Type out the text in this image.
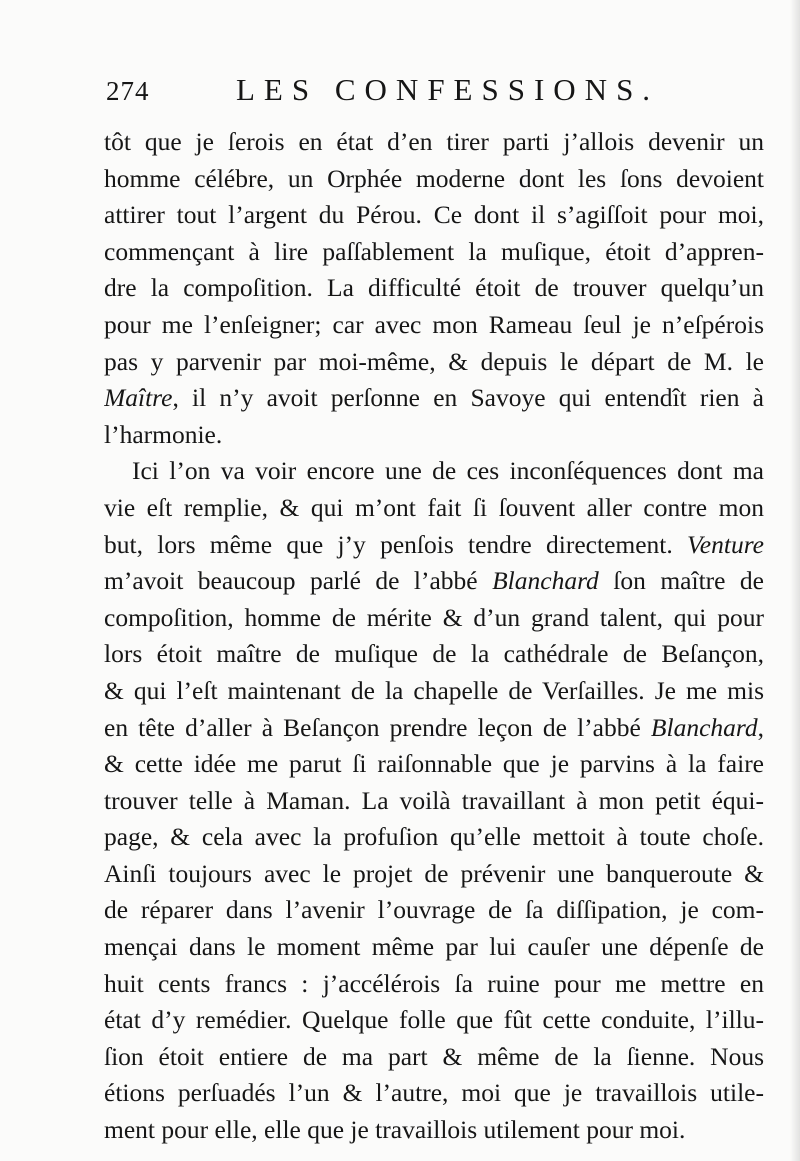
274	LES CONFESSIONS.
tôt que je ſerois en état d’en tirer parti j’allois devenir un
homme célébre, un Orphée moderne dont les ſons devoient
attirer tout l’argent du Pérou. Ce dont il s’agiſſoit pour moi,
commençant à lire paſſablement la muſique, étoit d’appren-
dre la compoſition. La difficulté étoit de trouver quelqu’un
pour me l’enſeigner; car avec mon Rameau ſeul je n’eſpérois
pas y parvenir par moi-même, & depuis le départ de M. le
Maître, il n’y avoit perſonne en Savoye qui entendît rien à
l’harmonie.
Ici l’on va voir encore une de ces inconſéquences dont ma
vie eſt remplie, & qui m’ont fait ſi ſouvent aller contre mon
but, lors même que j’y penſois tendre directement. Venture
m’avoit beaucoup parlé de l’abbé Blanchard ſon maître de
compoſition, homme de mérite & d’un grand talent, qui pour
lors étoit maître de muſique de la cathédrale de Beſançon,
& qui l’eſt maintenant de la chapelle de Verſailles. Je me mis
en tête d’aller à Beſançon prendre leçon de l’abbé Blanchard,
& cette idée me parut ſi raiſonnable que je parvins à la faire
trouver telle à Maman. La voilà travaillant à mon petit équi-
page, & cela avec la profuſion qu’elle mettoit à toute choſe.
Ainſi toujours avec le projet de prévenir une banqueroute &
de réparer dans l’avenir l’ouvrage de ſa diſſipation, je com-
mençai dans le moment même par lui cauſer une dépenſe de
huit cents francs : j’accélérois ſa ruine pour me mettre en
état d’y remédier. Quelque folle que fût cette conduite, l’illu-
ſion étoit entiere de ma part & même de la ſienne. Nous
étions perſuadés l’un & l’autre, moi que je travaillois utile-
ment pour elle, elle que je travaillois utilement pour moi.
